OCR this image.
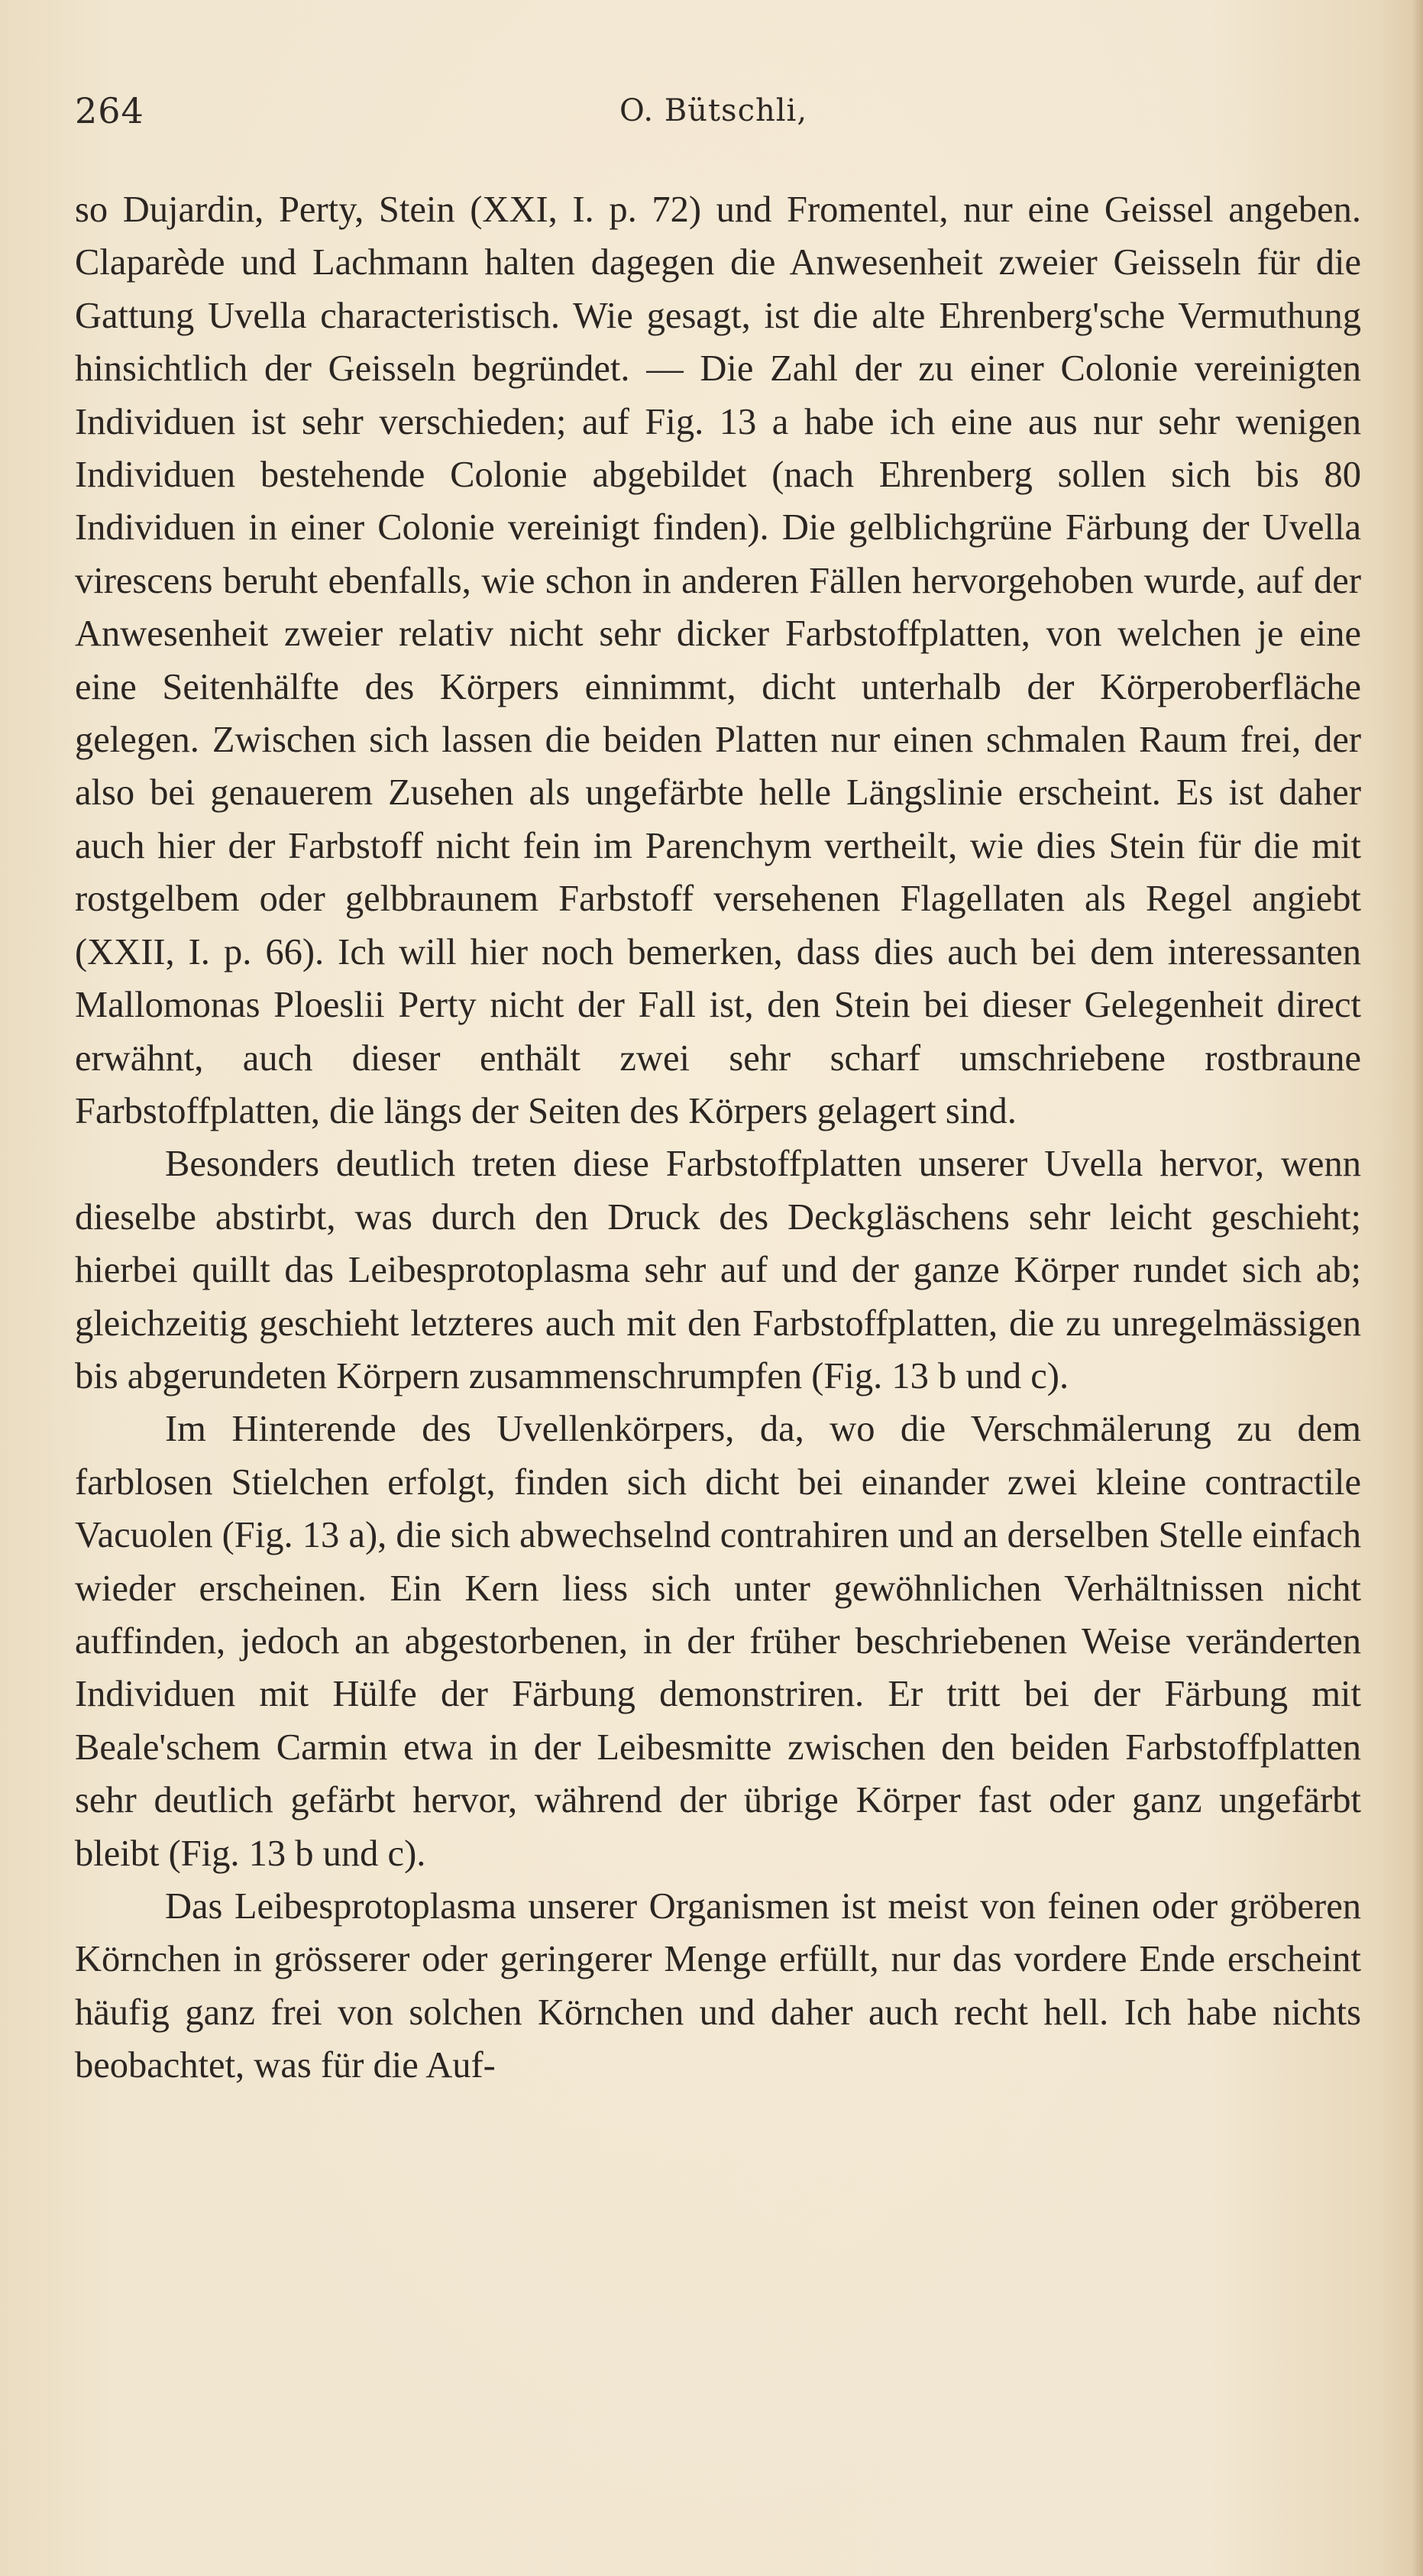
264	O. Bütschli,

so Dujardin, Perty, Stein (XXI, I. p. 72) und Fromentel, nur eine Geissel angeben. Claparède und Lachmann halten dagegen die Anwesenheit zweier Geisseln für die Gattung Uvella characteristisch. Wie gesagt, ist die alte Ehrenberg'sche Vermuthung hinsichtlich der Geisseln begründet. — Die Zahl der zu einer Colonie vereinigten Individuen ist sehr verschieden; auf Fig. 13 a habe ich eine aus nur sehr wenigen Individuen bestehende Colonie abgebildet (nach Ehrenberg sollen sich bis 80 Individuen in einer Colonie vereinigt finden). Die gelblichgrüne Färbung der Uvella virescens beruht ebenfalls, wie schon in anderen Fällen hervorgehoben wurde, auf der Anwesenheit zweier relativ nicht sehr dicker Farbstoffplatten, von welchen je eine eine Seitenhälfte des Körpers einnimmt, dicht unterhalb der Körperoberfläche gelegen. Zwischen sich lassen die beiden Platten nur einen schmalen Raum frei, der also bei genauerem Zusehen als ungefärbte helle Längslinie erscheint. Es ist daher auch hier der Farbstoff nicht fein im Parenchym vertheilt, wie dies Stein für die mit rostgelbem oder gelbbraunem Farbstoff versehenen Flagellaten als Regel angiebt (XXII, I. p. 66). Ich will hier noch bemerken, dass dies auch bei dem interessanten Mallomonas Ploeslii Perty nicht der Fall ist, den Stein bei dieser Gelegenheit direct erwähnt, auch dieser enthält zwei sehr scharf umschriebene rostbraune Farbstoffplatten, die längs der Seiten des Körpers gelagert sind.

Besonders deutlich treten diese Farbstoffplatten unserer Uvella hervor, wenn dieselbe abstirbt, was durch den Druck des Deckgläschens sehr leicht geschieht; hierbei quillt das Leibesprotoplasma sehr auf und der ganze Körper rundet sich ab; gleichzeitig geschieht letzteres auch mit den Farbstoffplatten, die zu unregelmässigen bis abgerundeten Körpern zusammenschrumpfen (Fig. 13 b und c).

Im Hinterende des Uvellenkörpers, da, wo die Verschmälerung zu dem farblosen Stielchen erfolgt, finden sich dicht bei einander zwei kleine contractile Vacuolen (Fig. 13 a), die sich abwechselnd contrahiren und an derselben Stelle einfach wieder erscheinen. Ein Kern liess sich unter gewöhnlichen Verhältnissen nicht auffinden, jedoch an abgestorbenen, in der früher beschriebenen Weise veränderten Individuen mit Hülfe der Färbung demonstriren. Er tritt bei der Färbung mit Beale'schem Carmin etwa in der Leibesmitte zwischen den beiden Farbstoffplatten sehr deutlich gefärbt hervor, während der übrige Körper fast oder ganz ungefärbt bleibt (Fig. 13 b und c).

Das Leibesprotoplasma unserer Organismen ist meist von feinen oder gröberen Körnchen in grösserer oder geringerer Menge erfüllt, nur das vordere Ende erscheint häufig ganz frei von solchen Körnchen und daher auch recht hell. Ich habe nichts beobachtet, was für die Auf-
